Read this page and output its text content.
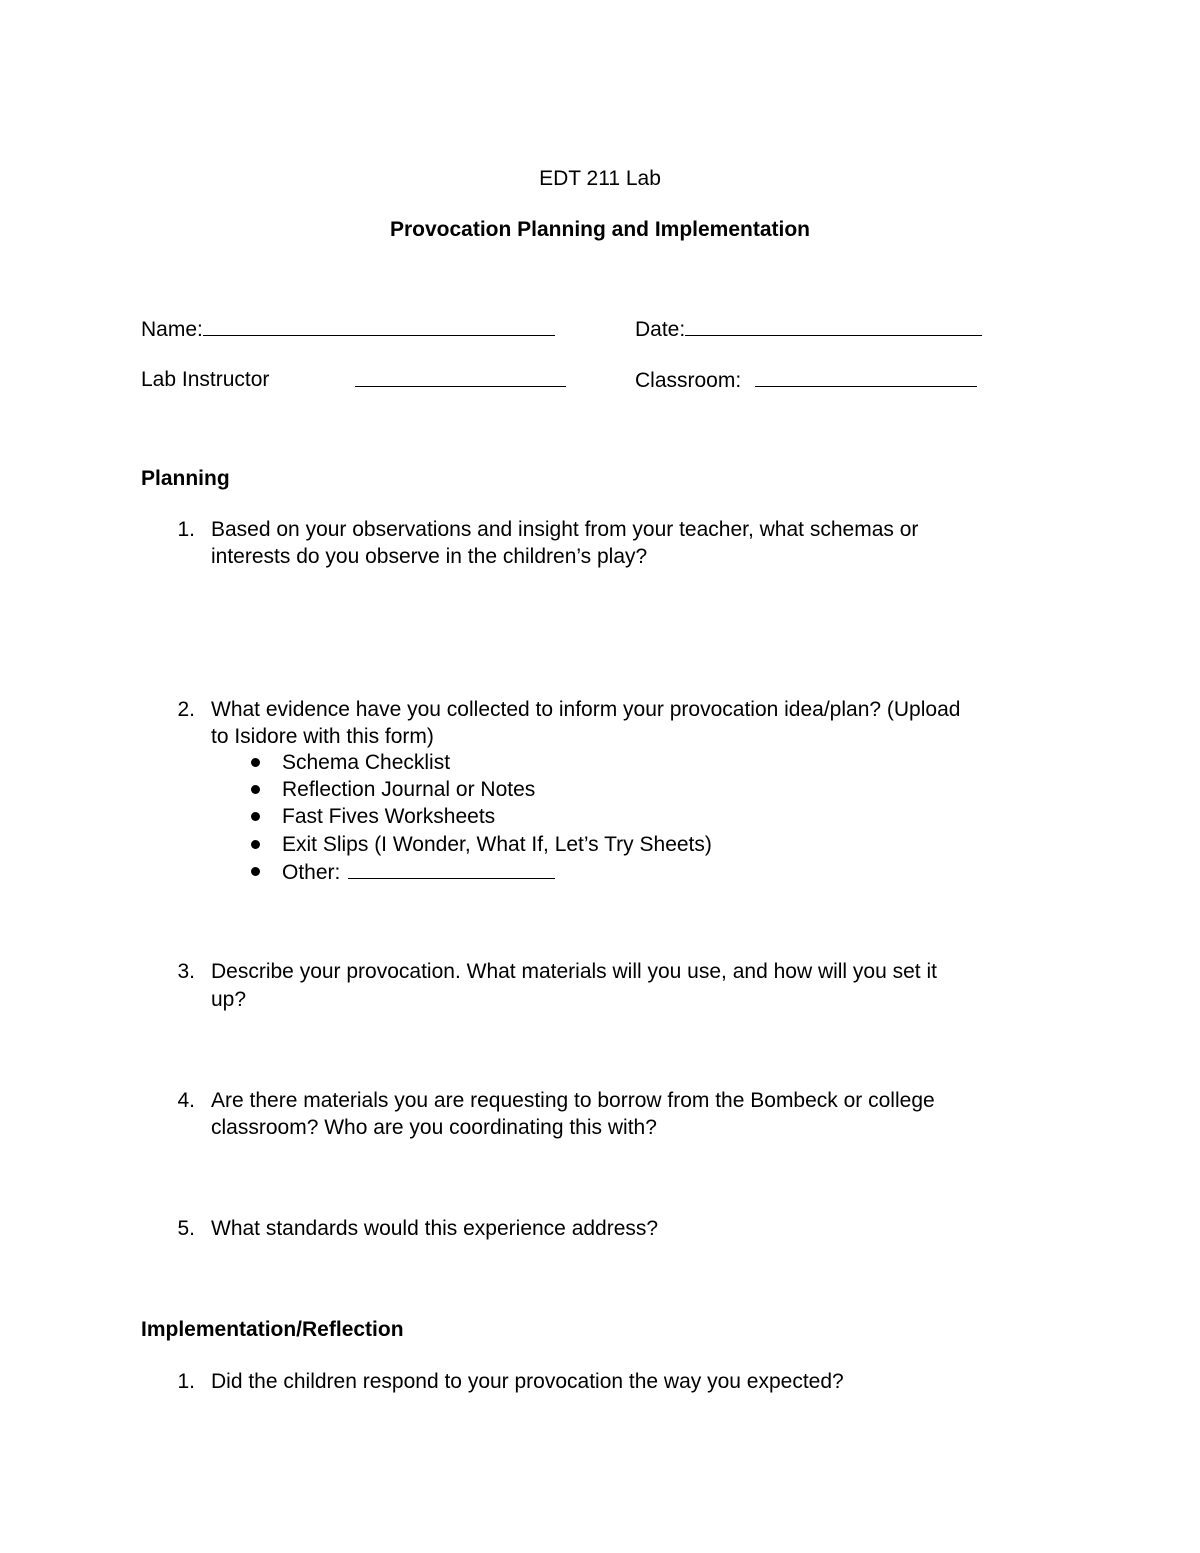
EDT 211 Lab
Provocation Planning and Implementation
Name:	Date:
Lab Instructor	Classroom:
Planning
1. Based on your observations and insight from your teacher, what schemas or
interests do you observe in the children’s play?
2. What evidence have you collected to inform your provocation idea/plan? (Upload
to Isidore with this form)
Schema Checklist
Reflection Journal or Notes
Fast Fives Worksheets
Exit Slips (I Wonder, What If, Let’s Try Sheets)
Other:
3. Describe your provocation. What materials will you use, and how will you set it
up?
4. Are there materials you are requesting to borrow from the Bombeck or college
classroom? Who are you coordinating this with?
5. What standards would this experience address?
Implementation/Reflection
1. Did the children respond to your provocation the way you expected?
